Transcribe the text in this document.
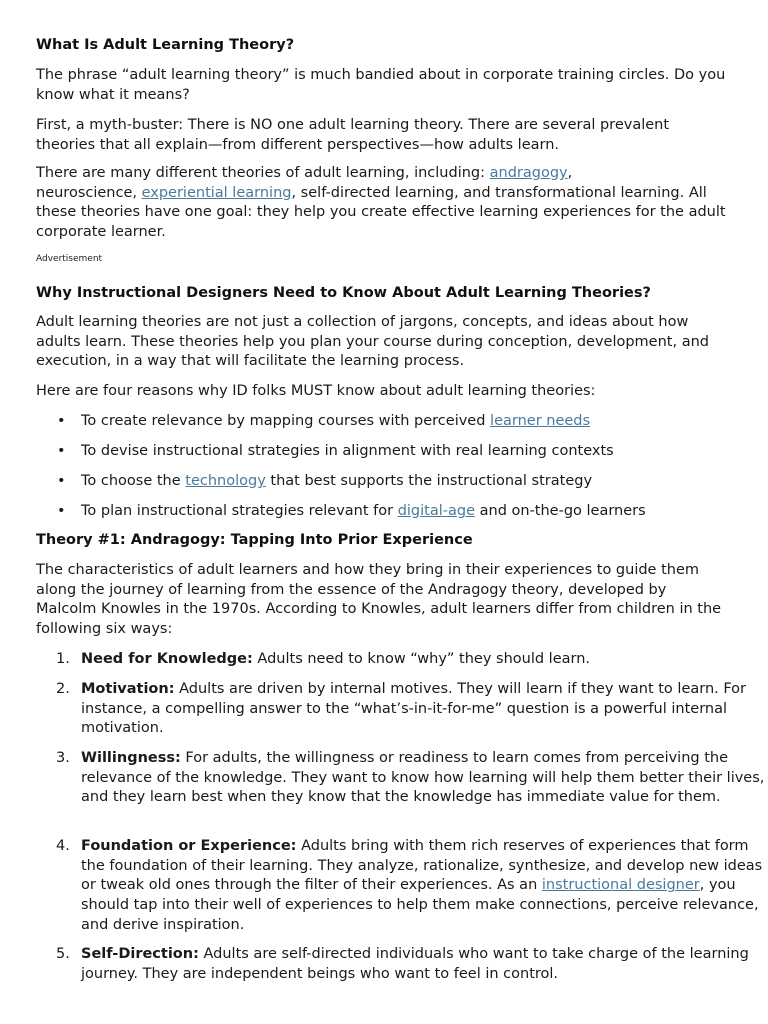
What Is Adult Learning Theory?

The phrase “adult learning theory” is much bandied about in corporate training circles. Do you know what it means?

First, a myth-buster: There is NO one adult learning theory. There are several prevalent theories that all explain—from different perspectives—how adults learn.

There are many different theories of adult learning, including: andragogy,
neuroscience, experiential learning, self-directed learning, and transformational learning. All these theories have one goal: they help you create effective learning experiences for the adult corporate learner.

Advertisement
Why Instructional Designers Need to Know About Adult Learning Theories?

Adult learning theories are not just a collection of jargons, concepts, and ideas about how adults learn. These theories help you plan your course during conception, development, and execution, in a way that will facilitate the learning process.

Here are four reasons why ID folks MUST know about adult learning theories:

• To create relevance by mapping courses with perceived learner needs
• To devise instructional strategies in alignment with real learning contexts
• To choose the technology that best supports the instructional strategy
• To plan instructional strategies relevant for digital-age and on-the-go learners
Theory #1: Andragogy: Tapping Into Prior Experience

The characteristics of adult learners and how they bring in their experiences to guide them along the journey of learning from the essence of the Andragogy theory, developed by Malcolm Knowles in the 1970s. According to Knowles, adult learners differ from children in the following six ways:

1. Need for Knowledge: Adults need to know “why” they should learn.
2. Motivation: Adults are driven by internal motives. They will learn if they want to learn. For instance, a compelling answer to the “what’s-in-it-for-me” question is a powerful internal motivation.
3. Willingness: For adults, the willingness or readiness to learn comes from perceiving the relevance of the knowledge. They want to know how learning will help them better their lives, and they learn best when they know that the knowledge has immediate value for them.
4. Foundation or Experience: Adults bring with them rich reserves of experiences that form the foundation of their learning. They analyze, rationalize, synthesize, and develop new ideas or tweak old ones through the filter of their experiences. As an instructional designer, you should tap into their well of experiences to help them make connections, perceive relevance, and derive inspiration.
5. Self-Direction: Adults are self-directed individuals who want to take charge of the learning journey. They are independent beings who want to feel in control.
